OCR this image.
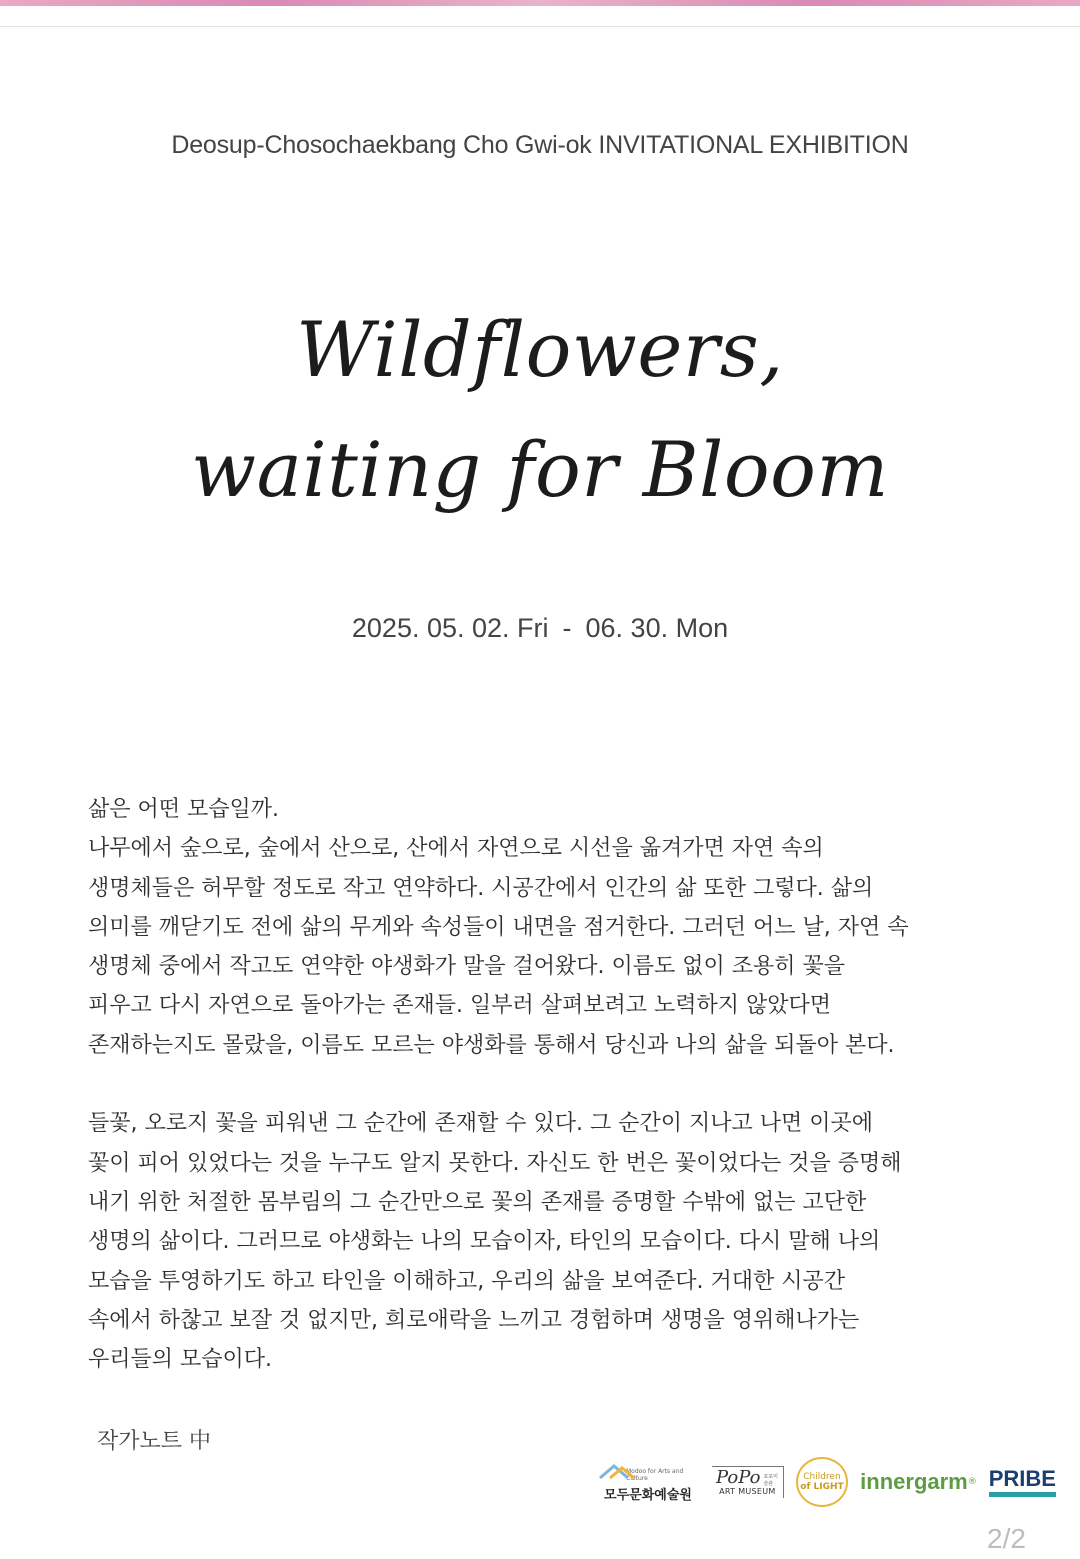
Deosup-Chosochaekbang Cho Gwi-ok INVITATIONAL EXHIBITION
Wildflowers,
waiting for Bloom
2025. 05. 02. Fri - 06. 30. Mon

삶은 어떤 모습일까.
나무에서 숲으로, 숲에서 산으로, 산에서 자연으로 시선을 옮겨가면 자연 속의
생명체들은 허무할 정도로 작고 연약하다. 시공간에서 인간의 삶 또한 그렇다. 삶의
의미를 깨닫기도 전에 삶의 무게와 속성들이 내면을 점거한다. 그러던 어느 날, 자연 속
생명체 중에서 작고도 연약한 야생화가 말을 걸어왔다. 이름도 없이 조용히 꽃을
피우고 다시 자연으로 돌아가는 존재들. 일부러 살펴보려고 노력하지 않았다면
존재하는지도 몰랐을, 이름도 모르는 야생화를 통해서 당신과 나의 삶을 되돌아 본다.

들꽃, 오로지 꽃을 피워낸 그 순간에 존재할 수 있다. 그 순간이 지나고 나면 이곳에
꽃이 피어 있었다는 것을 누구도 알지 못한다. 자신도 한 번은 꽃이었다는 것을 증명해
내기 위한 처절한 몸부림의 그 순간만으로 꽃의 존재를 증명할 수밖에 없는 고단한
생명의 삶이다. 그러므로 야생화는 나의 모습이자, 타인의 모습이다. 다시 말해 나의
모습을 투영하기도 하고 타인을 이해하고, 우리의 삶을 보여준다. 거대한 시공간
속에서 하찮고 보잘 것 없지만, 희로애락을 느끼고 경험하며 생명을 영위해나가는
우리들의 모습이다.

작가노트 中
Modoo for Arts and Culture
모두문화예술원
PoPo 포포미술관
ART MUSEUM
Children
of LIGHT innergarm ® PRIBE
2/2
